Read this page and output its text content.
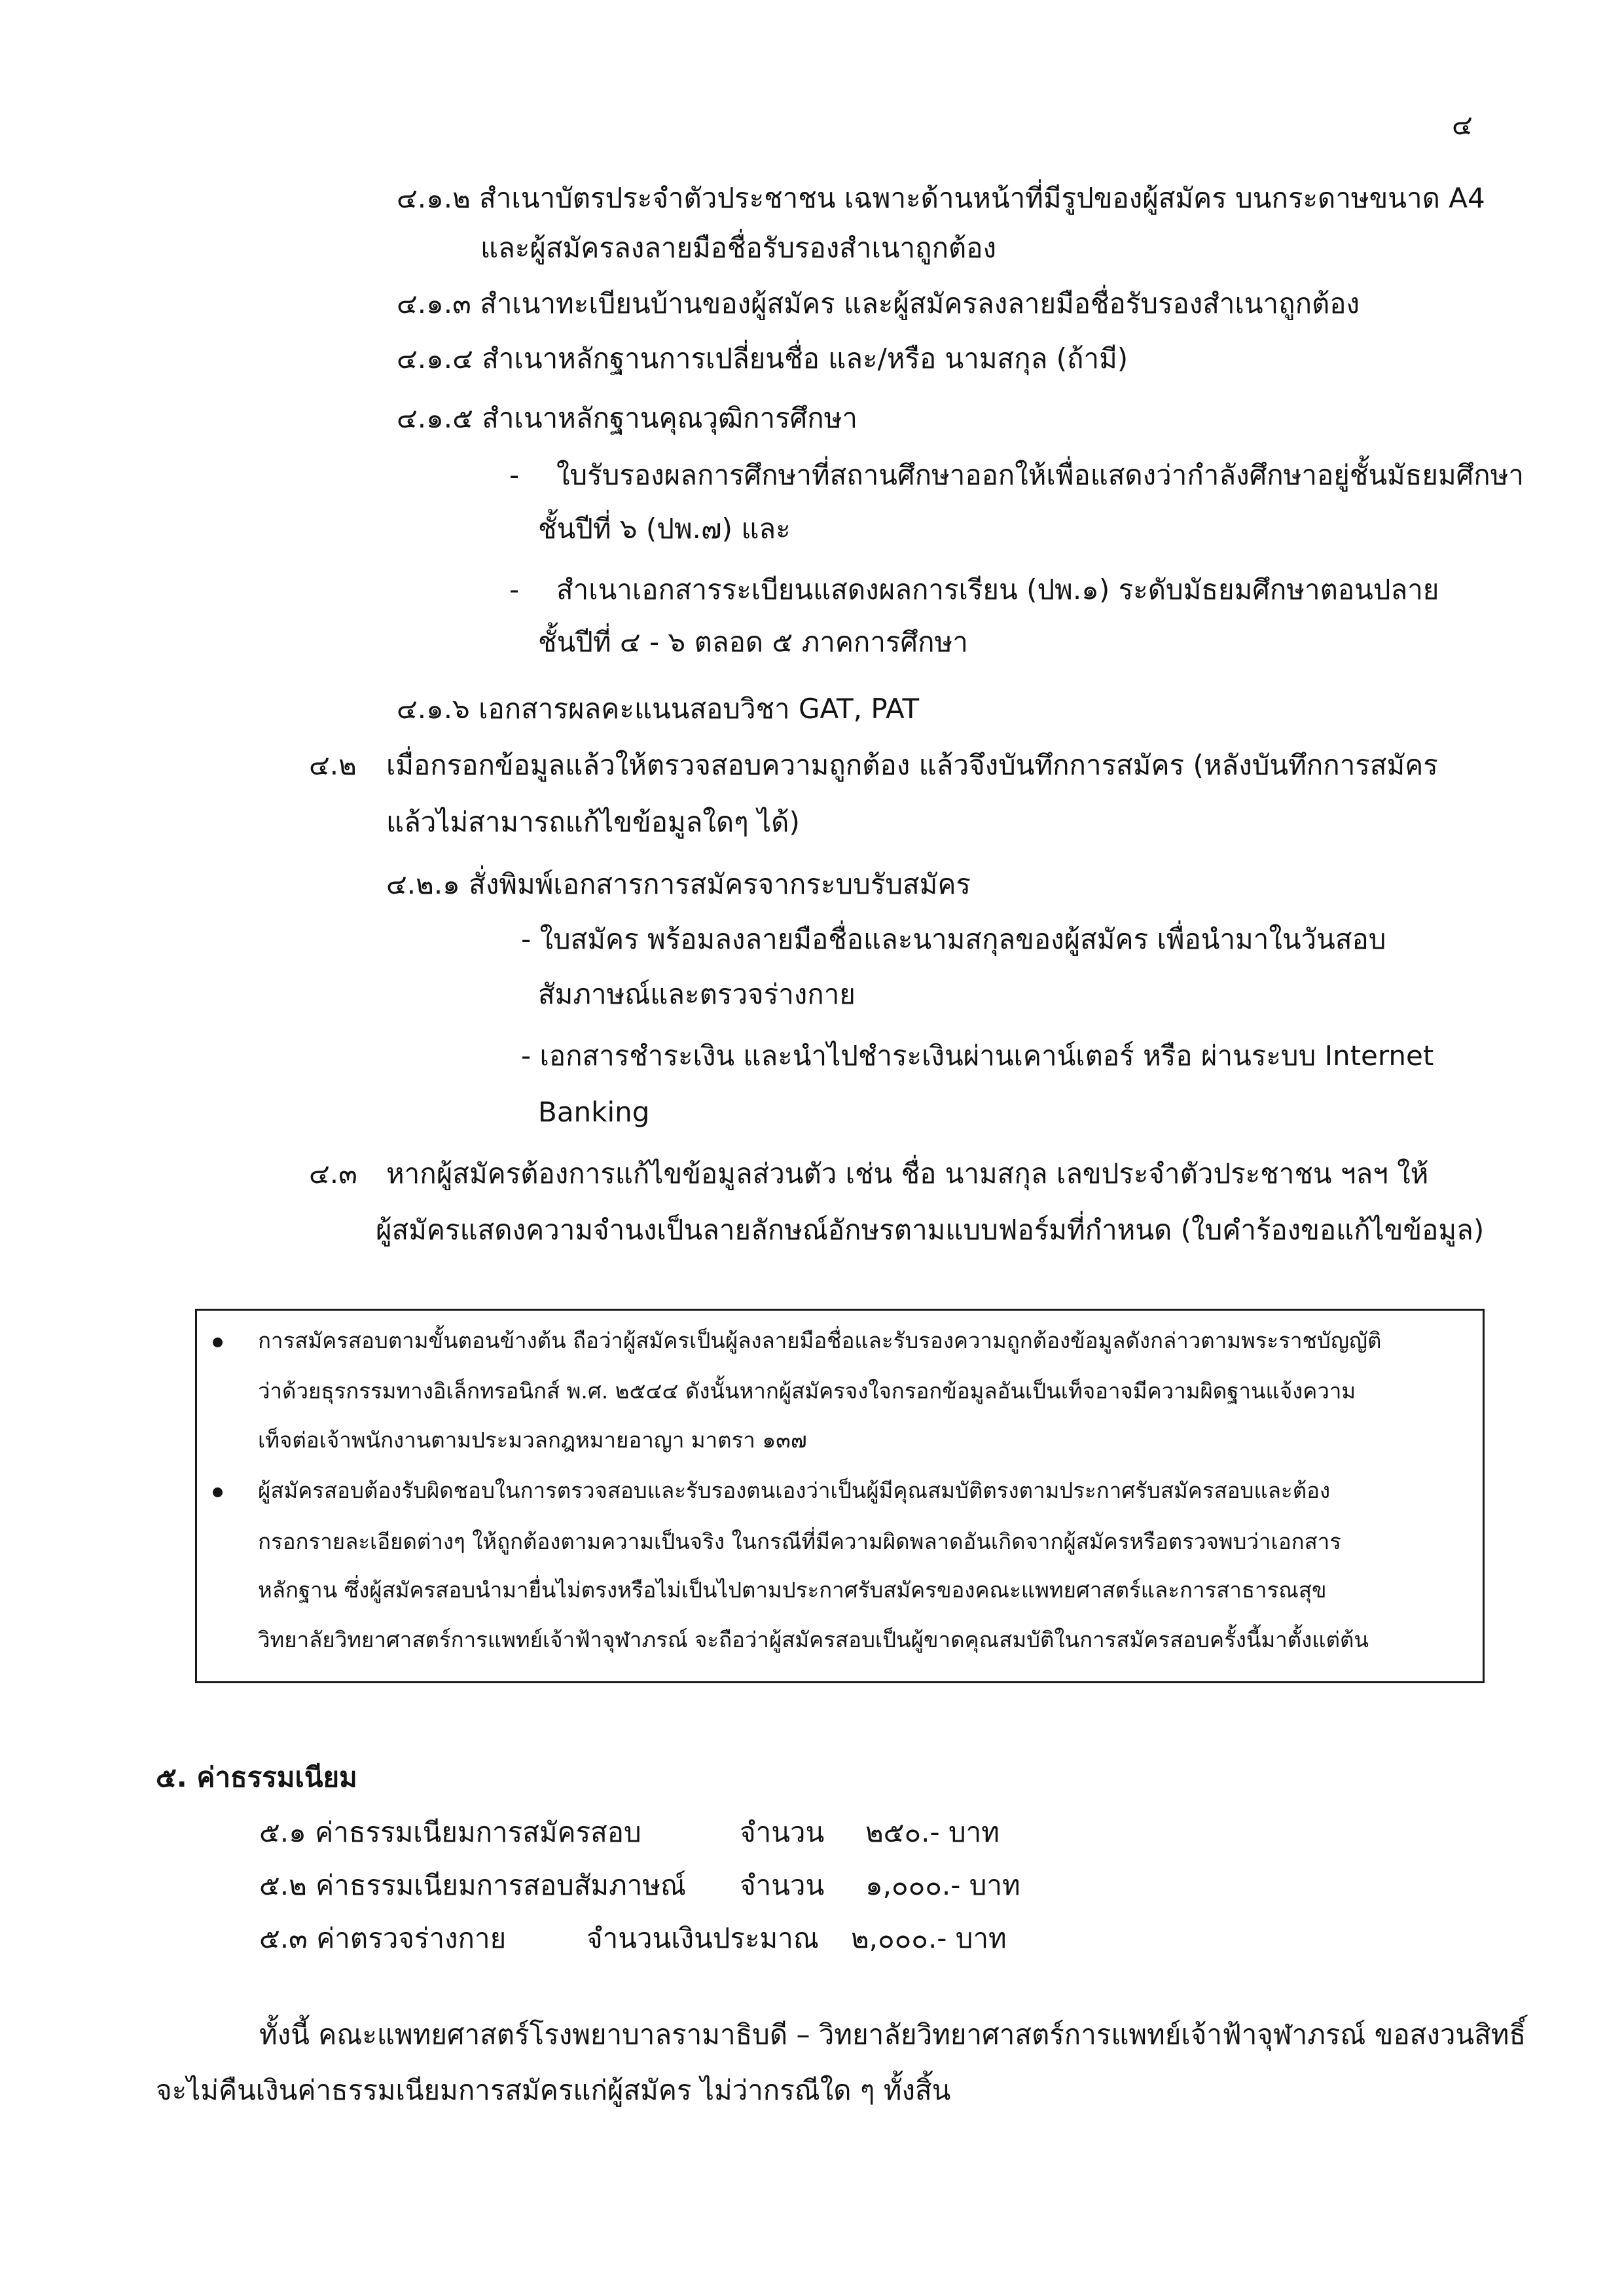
๔
๔.๑.๒ สำเนาบัตรประจำตัวประชาชน เฉพาะด้านหน้าที่มีรูปของผู้สมัคร บนกระดาษขนาด A4
และผู้สมัครลงลายมือชื่อรับรองสำเนาถูกต้อง
๔.๑.๓ สำเนาทะเบียนบ้านของผู้สมัคร และผู้สมัครลงลายมือชื่อรับรองสำเนาถูกต้อง
๔.๑.๔ สำเนาหลักฐานการเปลี่ยนชื่อ และ/หรือ นามสกุล (ถ้ามี)
๔.๑.๕ สำเนาหลักฐานคุณวุฒิการศึกษา
- ใบรับรองผลการศึกษาที่สถานศึกษาออกให้เพื่อแสดงว่ากำลังศึกษาอยู่ชั้นมัธยมศึกษา
ชั้นปีที่ ๖ (ปพ.๗) และ
- สำเนาเอกสารระเบียนแสดงผลการเรียน (ปพ.๑) ระดับมัธยมศึกษาตอนปลาย
ชั้นปีที่ ๔ - ๖ ตลอด ๕ ภาคการศึกษา
๔.๑.๖ เอกสารผลคะแนนสอบวิชา GAT, PAT
๔.๒ เมื่อกรอกข้อมูลแล้วให้ตรวจสอบความถูกต้อง แล้วจึงบันทึกการสมัคร (หลังบันทึกการสมัคร
แล้วไม่สามารถแก้ไขข้อมูลใดๆ ได้)
๔.๒.๑ สั่งพิมพ์เอกสารการสมัครจากระบบรับสมัคร
- ใบสมัคร พร้อมลงลายมือชื่อและนามสกุลของผู้สมัคร เพื่อนำมาในวันสอบ
สัมภาษณ์และตรวจร่างกาย
- เอกสารชำระเงิน และนำไปชำระเงินผ่านเคาน์เตอร์ หรือ ผ่านระบบ Internet
Banking
๔.๓ หากผู้สมัครต้องการแก้ไขข้อมูลส่วนตัว เช่น ชื่อ นามสกุล เลขประจำตัวประชาชน ฯลฯ ให้
ผู้สมัครแสดงความจำนงเป็นลายลักษณ์อักษรตามแบบฟอร์มที่กำหนด (ใบคำร้องขอแก้ไขข้อมูล)
การสมัครสอบตามขั้นตอนข้างต้น ถือว่าผู้สมัครเป็นผู้ลงลายมือชื่อและรับรองความถูกต้องข้อมูลดังกล่าวตามพระราชบัญญัติ
ว่าด้วยธุรกรรมทางอิเล็กทรอนิกส์ พ.ศ. ๒๕๔๔ ดังนั้นหากผู้สมัครจงใจกรอกข้อมูลอันเป็นเท็จอาจมีความผิดฐานแจ้งความ
เท็จต่อเจ้าพนักงานตามประมวลกฎหมายอาญา มาตรา ๑๓๗
ผู้สมัครสอบต้องรับผิดชอบในการตรวจสอบและรับรองตนเองว่าเป็นผู้มีคุณสมบัติตรงตามประกาศรับสมัครสอบและต้อง
กรอกรายละเอียดต่างๆ ให้ถูกต้องตามความเป็นจริง ในกรณีที่มีความผิดพลาดอันเกิดจากผู้สมัครหรือตรวจพบว่าเอกสาร
หลักฐาน ซึ่งผู้สมัครสอบนำมายื่นไม่ตรงหรือไม่เป็นไปตามประกาศรับสมัครของคณะแพทยศาสตร์และการสาธารณสุข
วิทยาลัยวิทยาศาสตร์การแพทย์เจ้าฟ้าจุฬาภรณ์ จะถือว่าผู้สมัครสอบเป็นผู้ขาดคุณสมบัติในการสมัครสอบครั้งนี้มาตั้งแต่ต้น
๕. ค่าธรรมเนียม
๕.๑ ค่าธรรมเนียมการสมัครสอบ	จำนวน ๒๕๐.- บาท
๕.๒ ค่าธรรมเนียมการสอบสัมภาษณ์ จำนวน ๑,๐๐๐.- บาท
๕.๓ ค่าตรวจร่างกาย	จำนวนเงินประมาณ ๒,๐๐๐.- บาท
ทั้งนี้ คณะแพทยศาสตร์โรงพยาบาลรามาธิบดี – วิทยาลัยวิทยาศาสตร์การแพทย์เจ้าฟ้าจุฬาภรณ์ ขอสงวนสิทธิ์
จะไม่คืนเงินค่าธรรมเนียมการสมัครแก่ผู้สมัคร ไม่ว่ากรณีใด ๆ ทั้งสิ้น
